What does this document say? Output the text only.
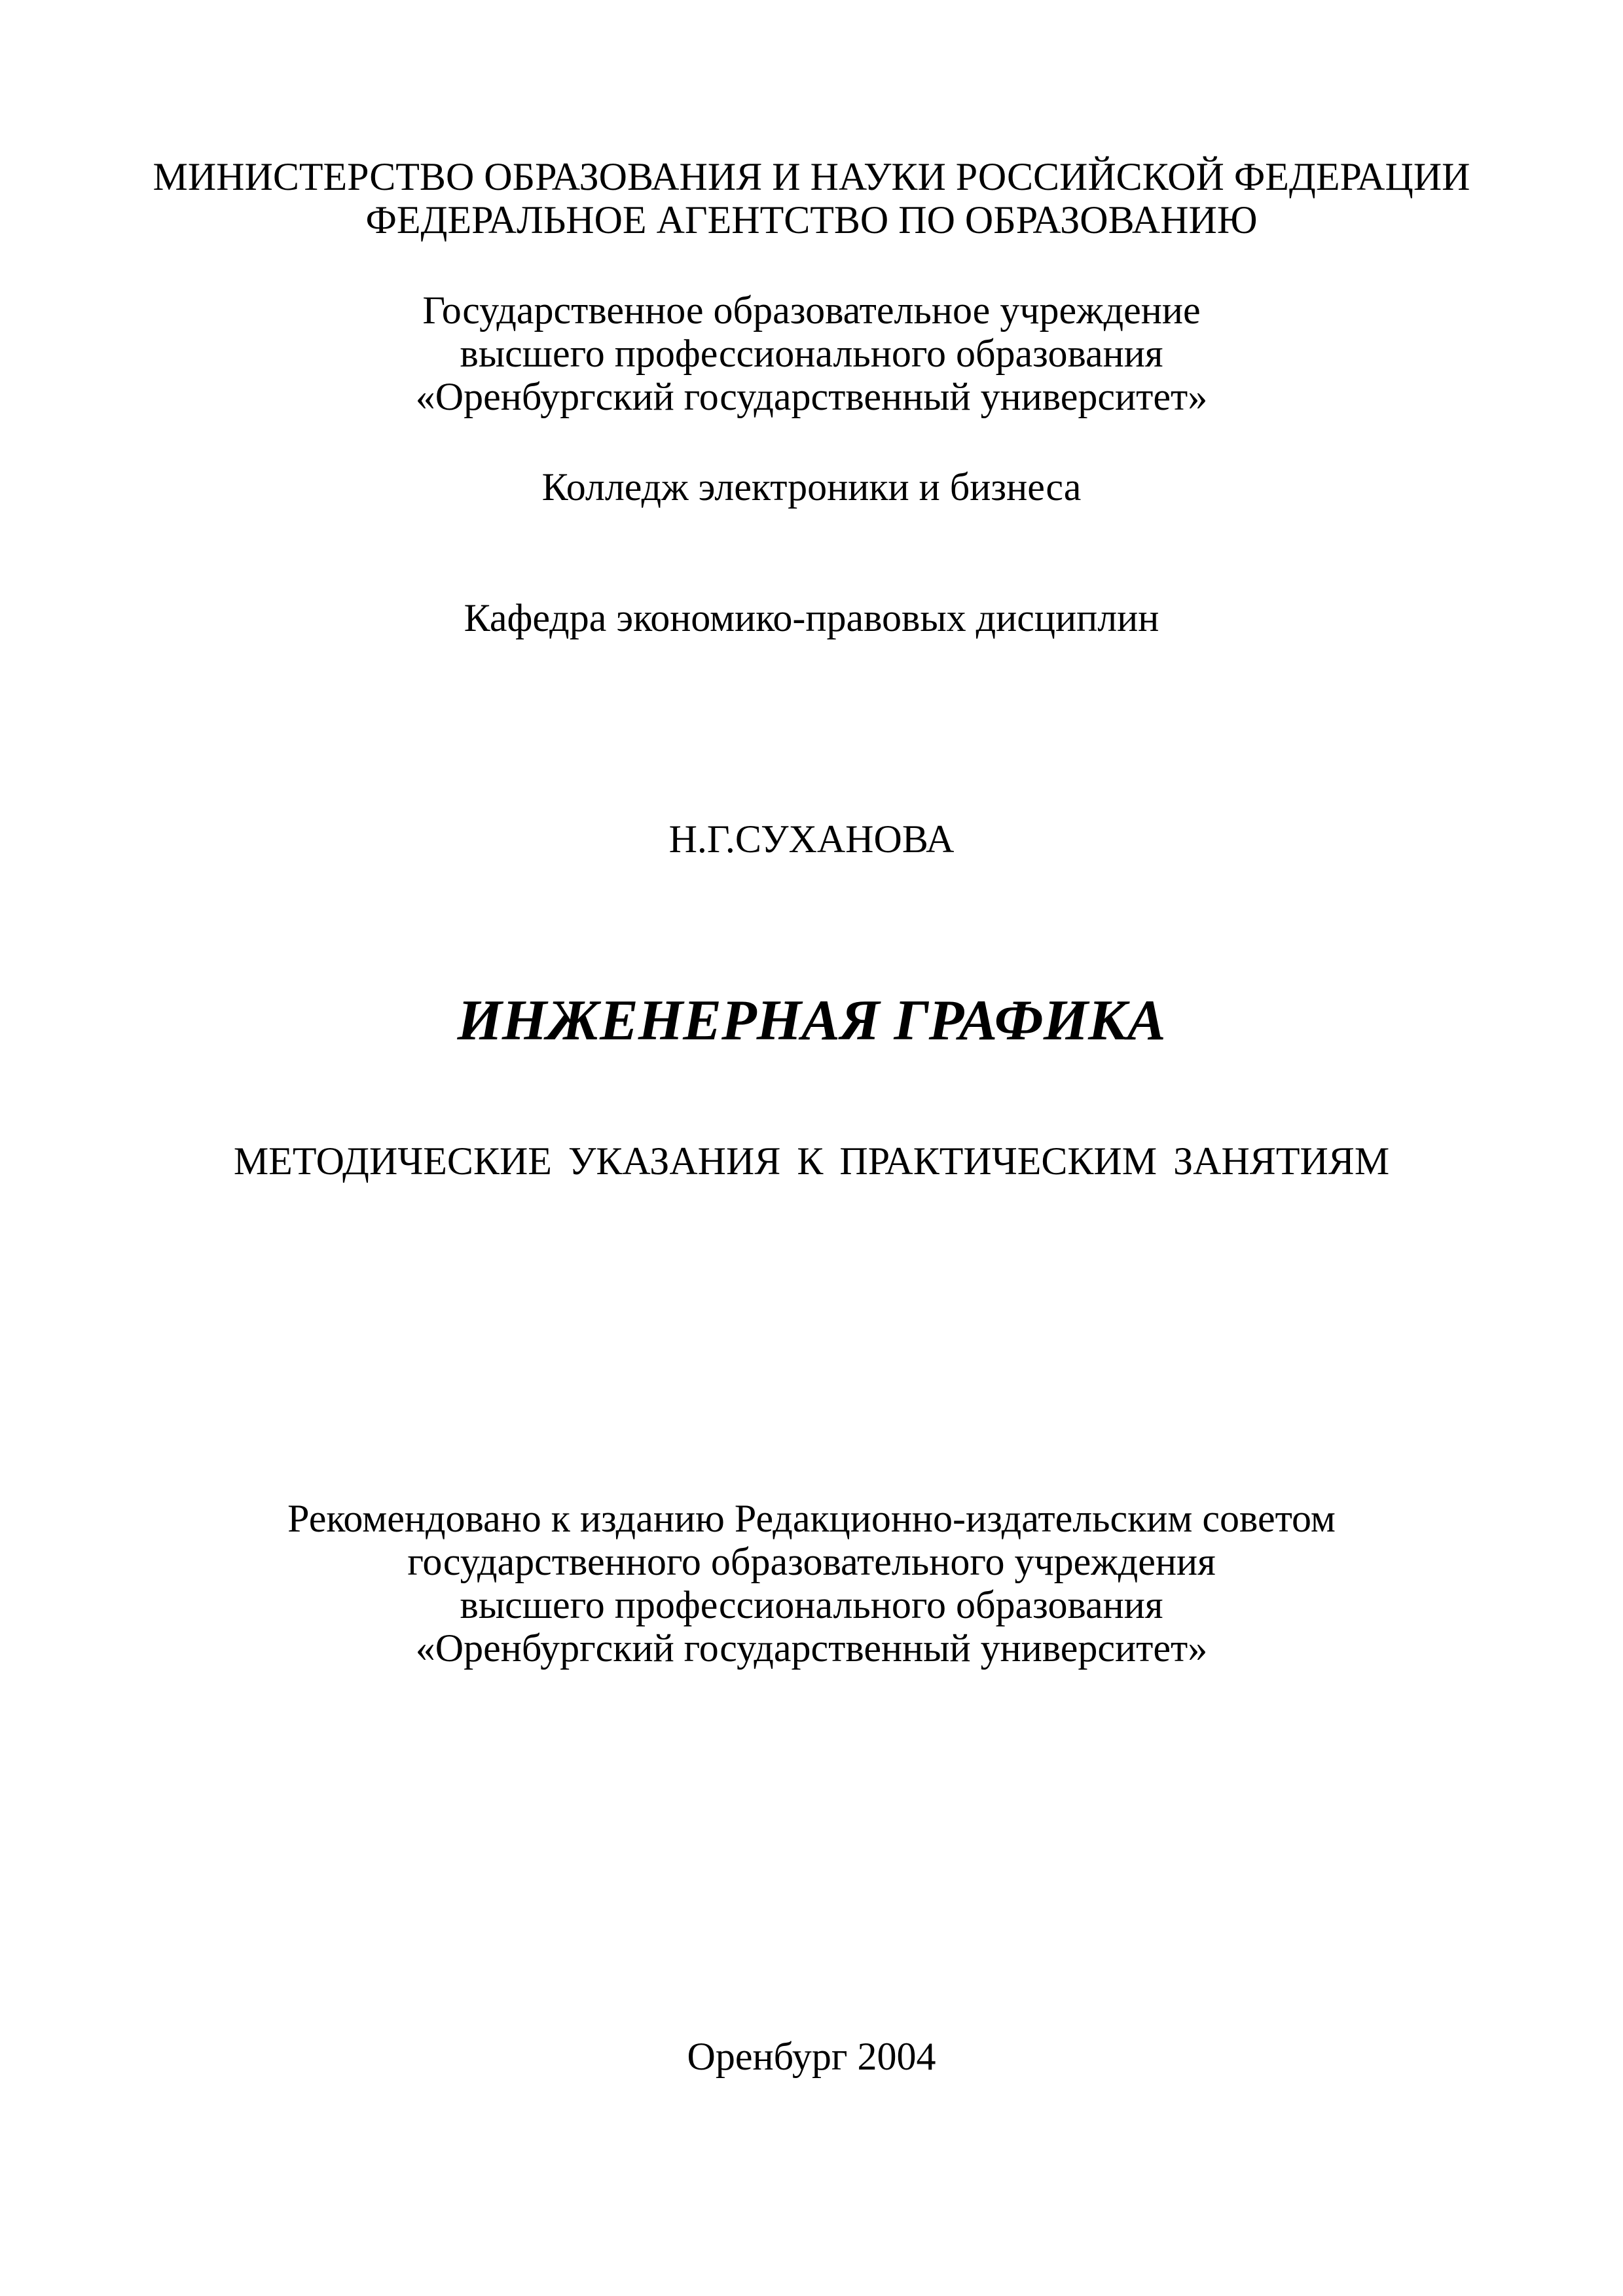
МИНИСТЕРСТВО ОБРАЗОВАНИЯ И НАУКИ РОССИЙСКОЙ ФЕДЕРАЦИИ
ФЕДЕРАЛЬНОЕ АГЕНТСТВО ПО ОБРАЗОВАНИЮ
Государственное образовательное учреждение
высшего профессионального образования
«Оренбургский государственный университет»
Колледж электроники и бизнеса
Кафедра экономико-правовых дисциплин
Н.Г.СУХАНОВА
ИНЖЕНЕРНАЯ ГРАФИКА
МЕТОДИЧЕСКИЕ УКАЗАНИЯ К ПРАКТИЧЕСКИМ ЗАНЯТИЯМ
Рекомендовано к изданию Редакционно-издательским советом
государственного образовательного учреждения
высшего профессионального образования
«Оренбургский государственный университет»
Оренбург 2004
